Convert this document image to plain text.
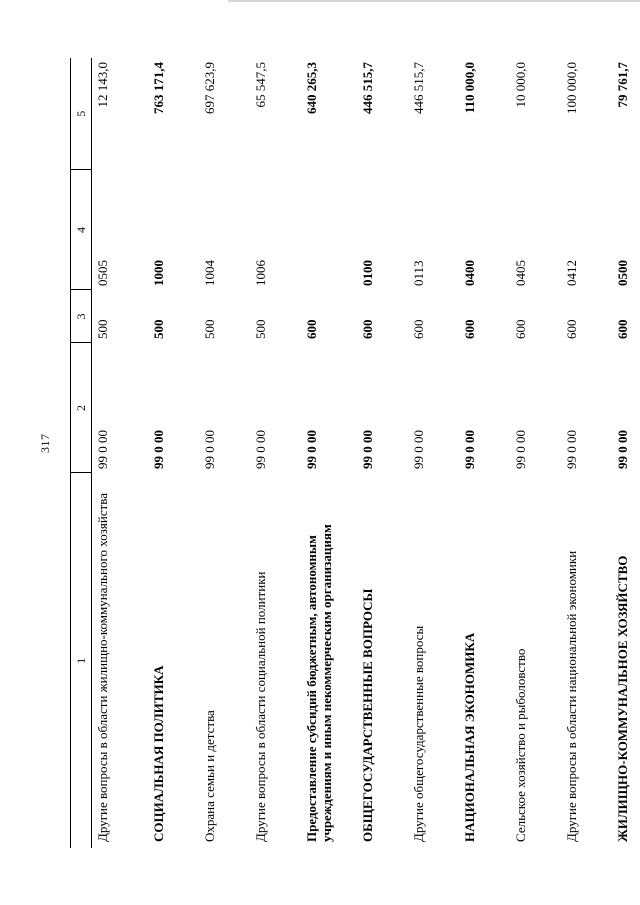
317
1	2	3	4	5
Другие вопросы в области жилищно-коммунального хозяйства	99 0 00	500	0505	12 143,0
СОЦИАЛЬНАЯ ПОЛИТИКА	99 0 00	500	1000	763 171,4
Охрана семьи и детства	99 0 00	500	1004	697 623,9
Другие вопросы в области социальной политики	99 0 00	500	1006	65 547,5
Предоставление субсидий бюджетным, автономным учреждениям и иным некоммерческим организациям	99 0 00	600		640 265,3
ОБЩЕГОСУДАРСТВЕННЫЕ ВОПРОСЫ	99 0 00	600	0100	446 515,7
Другие общегосударственные вопросы	99 0 00	600	0113	446 515,7
НАЦИОНАЛЬНАЯ ЭКОНОМИКА	99 0 00	600	0400	110 000,0
Сельское хозяйство и рыболовство	99 0 00	600	0405	10 000,0
Другие вопросы в области национальной экономики	99 0 00	600	0412	100 000,0
ЖИЛИЩНО-КОММУНАЛЬНОЕ ХОЗЯЙСТВО	99 0 00	600	0500	79 761,7
